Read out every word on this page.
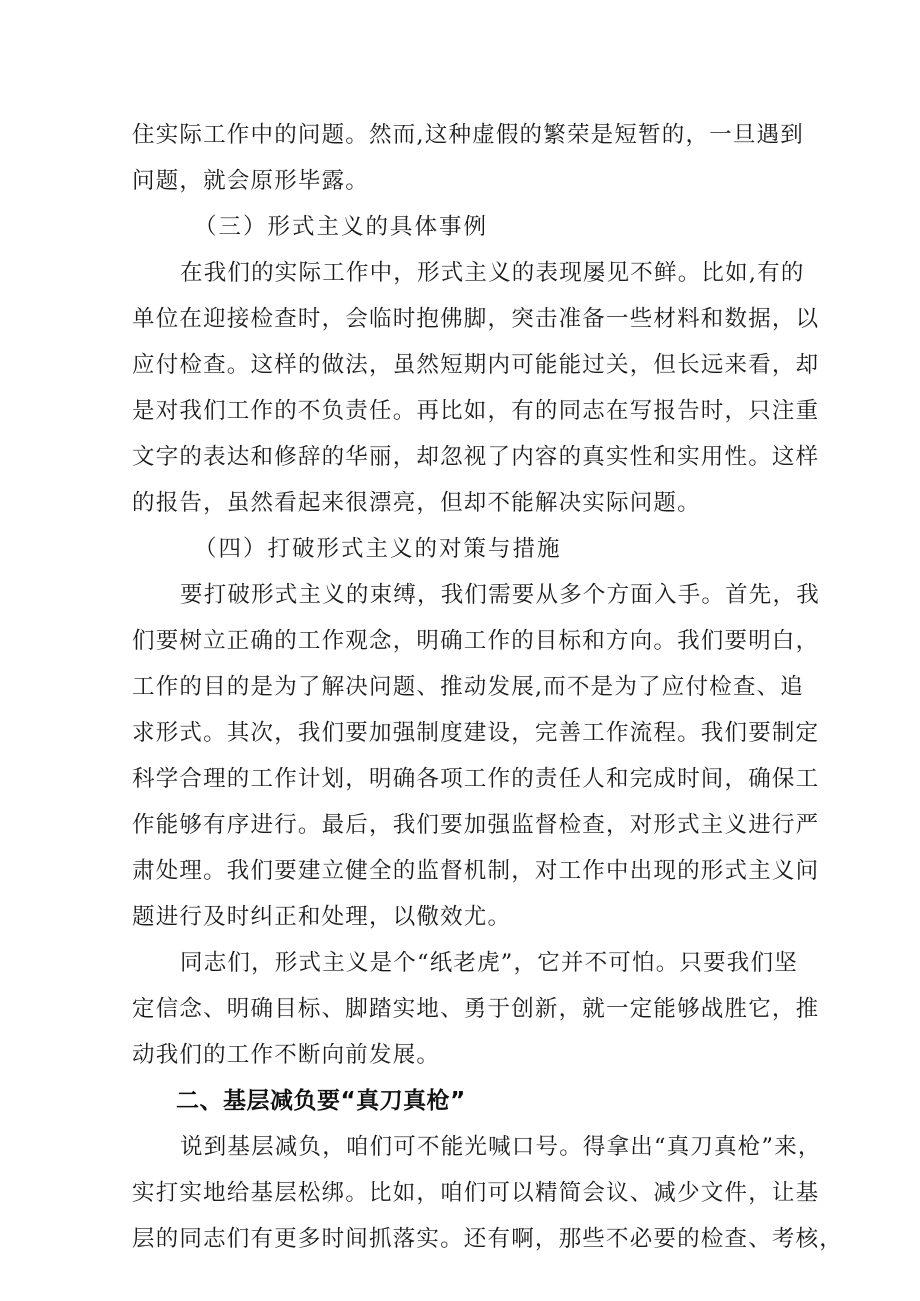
住实际工作中的问题。然而,这种虚假的繁荣是短暂的，一旦遇到
问题，就会原形毕露。
（三）形式主义的具体事例
在我们的实际工作中，形式主义的表现屡见不鲜。比如,有的
单位在迎接检查时，会临时抱佛脚，突击准备一些材料和数据，以
应付检查。这样的做法，虽然短期内可能能过关，但长远来看，却
是对我们工作的不负责任。再比如，有的同志在写报告时，只注重
文字的表达和修辞的华丽，却忽视了内容的真实性和实用性。这样
的报告，虽然看起来很漂亮，但却不能解决实际问题。
（四）打破形式主义的对策与措施
要打破形式主义的束缚，我们需要从多个方面入手。首先，我
们要树立正确的工作观念，明确工作的目标和方向。我们要明白，
工作的目的是为了解决问题、推动发展,而不是为了应付检查、追
求形式。其次，我们要加强制度建设，完善工作流程。我们要制定
科学合理的工作计划，明确各项工作的责任人和完成时间，确保工
作能够有序进行。最后，我们要加强监督检查，对形式主义进行严
肃处理。我们要建立健全的监督机制，对工作中出现的形式主义问
题进行及时纠正和处理，以儆效尤。
同志们，形式主义是个“纸老虎”，它并不可怕。只要我们坚
定信念、明确目标、脚踏实地、勇于创新，就一定能够战胜它，推
动我们的工作不断向前发展。
二、基层减负要“真刀真枪”
说到基层减负，咱们可不能光喊口号。得拿出“真刀真枪”来，
实打实地给基层松绑。比如，咱们可以精简会议、减少文件，让基
层的同志们有更多时间抓落实。还有啊，那些不必要的检查、考核，
